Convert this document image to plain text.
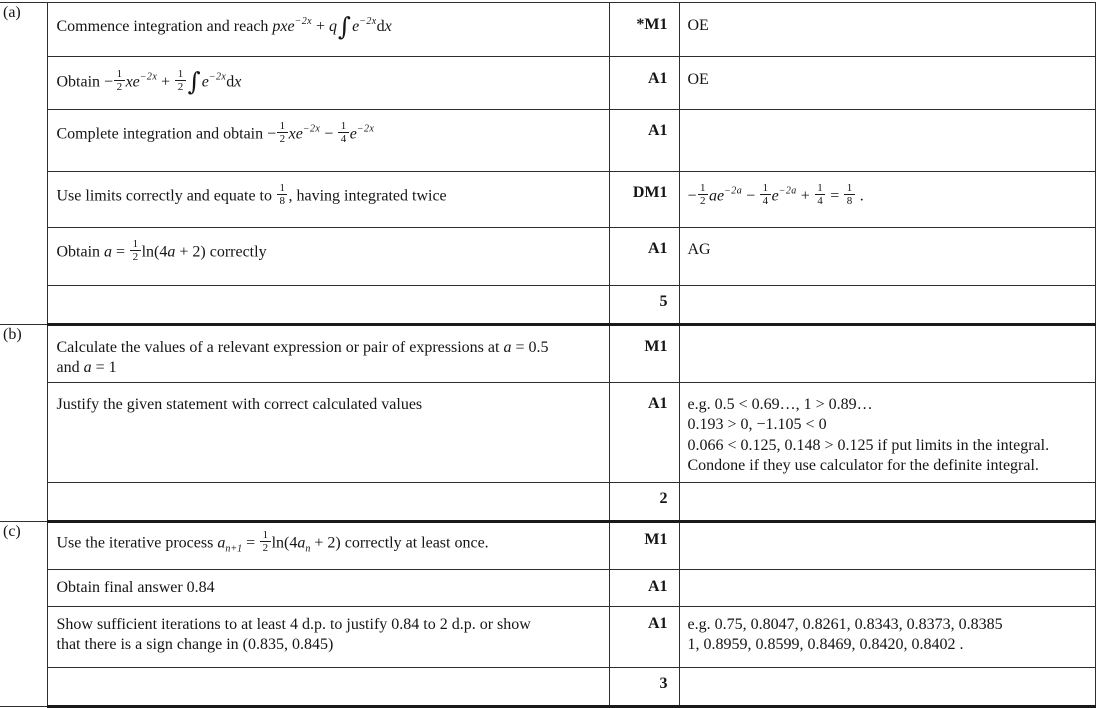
(a)	Commence integration and reach $pxe^{-2x} + q\int e^{-2x}dx$	*M1	OE

Obtain − $\frac{1}{2} xe^{-2x} + \frac{1}{2} \int e^{-2x}dx$	A1	OE

Complete integration and obtain − $\frac{1}{2} xe^{-2x} - \frac{1}{4} e^{-2x}$	A1	

Use limits correctly and equate to $\frac{1}{8}$ , having integrated twice	DM1	− $\frac{1}{2} ae^{-2a} - \frac{1}{4} e^{-2a} + \frac{1}{4} = \frac{1}{8}$ .

	Obtain $a = \frac{1}{2} \ln(4a + 2)$ correctly	A1	AG

		5	
(b)	Calculate the values of a relevant expression or pair of expressions at a = 0.5
and a = 1	M1	

	Justify the given statement with correct calculated values	A1	e.g. 0.5 < 0.69…, 1 > 0.89…
0.193 > 0, −1.105 < 0
0.066 < 0.125, 0.148 > 0.125 if put limits in the integral.
Condone if they use calculator for the definite integral.

		2	
(c)	Use the iterative process $a_{n+1} = \frac{1}{2} \ln(4a_n + 2)$ correctly at least once.	M1	

	Obtain final answer 0.84	A1	

Show sufficient iterations to at least 4 d.p. to justify 0.84 to 2 d.p. or show
that there is a sign change in (0.835, 0.845)
	A1	e.g. 0.75, 0.8047, 0.8261, 0.8343, 0.8373, 0.8385
1, 0.8959, 0.8599, 0.8469, 0.8420, 0.8402 .

		3	
